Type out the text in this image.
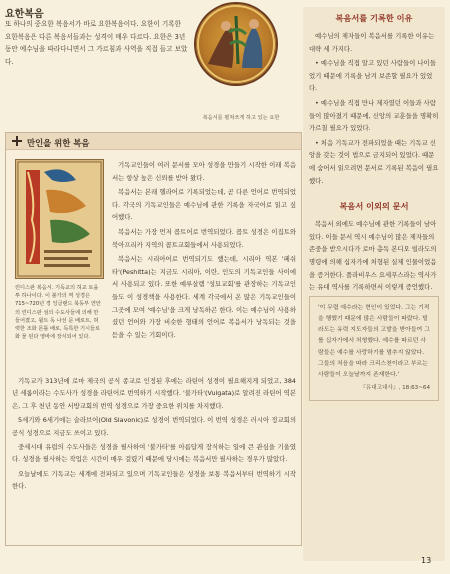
요한복음
또 하나의 중요한 복음서가 바로 요한복음이다. 요한이 기록한 요한복음은 다른 복음서들과는 성격이 매우 다르다. 요한은 3년 동안 예수님을 따라다니면서 그 가르침과 사역을 직접 들고 보았다.
복음서를 펼쳐쓰게 하고 있는 요한
만인을 위한 복음
린디스판 복음서. 기독교의 허교 토을 투 하나이다. 이 불가의 역 성경은 715~720년 경 잉글랜드 북동부 연안의 린디스판 섬의 수도사들에 의해 만들어졌고, 윌트 독 나선 문 배로트, 혀렷한 조화 몬틀 배로, 독특한 기시들로 화 물 된다 영바에 장식되어 있다.

기독교인들이 여러 문서를 모아 성경을 만들기 시작한 이래 복음서는 항상 높은 신뢰를 받아 왔다.

복음서는 본래 헬라어로 기록되었는데, 곧 다른 언어로 번역되었다. 각국의 기독교인들은 예수님에 관한 기록을 자국어로 읽고 싶어했다.

복음서는 가장 먼저 콥트어로 번역되었다. 콥트 성경은 이집트와 북아프리카 지역의 콥트교회들에서 사용되었다.

복음서는 시리아어로 번역되기도 했는데, 시리아 역본 '페쉬타'(Peshitta)는 지금도 시리아, 이란, 인도의 기독교인들 사이에서 사용되고 있다. 또한 예루살렘 '성묘교회'를 관장하는 기독교인들도 이 성경책을 사용한다. 세계 각국에서 온 많은 기독교인들이 그곳에 모여 '예수님'을 크게 낭독하곤 한다. 이는 예수님이 사용하셨던 언어와 가장 비슷한 형태의 언어로 복음서가 낭독되는 것을 듣을 수 있는 기회이다.

기독교가 313년에 로마 제국의 공식 종교로 인정된 후에는 라틴어 성경이 필요해지게 되었고, 384년 세롬이라는 수도사가 성경을 라틴어로 번역하기 시작했다. '불가타'(Vulgata)로 알려진 라틴어 역본은, 그 후 천년 동안 서방교회의 번역 성경으로 가장 중요한 위치를 차지했다.

5세기와 6세기에는 슬라브어(Old Slavonic)로 성경이 번역되었다. 이 번역 성경은 러시아 정교회의 공식 성경으로 지금도 쓰이고 있다.

중세시대 유럽의 수도사들은 성경을 필사하여 '불가타'를 아름답게 장식하는 일에 큰 관심을 기울였다. 성경을 필사하는 작업은 시간이 매우 걸렸기 때문에 당시에는 복음서만 필사하는 경우가 많았다.

오늘날에도 기독교는 세계에 전파되고 있으며 기독교인들은 성경을 보통 복음서부터 번역하기 시작한다.

복음서를 기록한 이유

예수님의 제자들이 복음서를 기록한 이유는 대략 세 가지다.

• 예수님을 직접 알고 있던 사람들이 나이들었기 때문에 기록을 남겨 보존할 필요가 있었다.

• 예수님을 직접 만나 제자였던 이들과 사람들이 많아졌기 때문에, 신앙의 교훈들을 명확히 가르칠 필요가 있었다.

• 처음 기독교가 전파되었을 때는 기독교 신앙을 갖는 것이 법으로 금지되어 있었다. 때문에 숨어서 읽으려면 문서로 기록된 복음이 필요했다.

복음서 이외의 문서

복음서 외에도 예수님에 관한 기록들이 남아 있다. 이들 문서 역시 예수님이 많은 제자들의 존중을 받으시다가 로마 총독 본디오 빌라도의 명령에 의해 십자가에 처형된 실제 인물이었음을 증거한다. 플라비우스 요세푸스라는 역사가는 유대 역사를 기록하면서 이렇게 증언했다.

'이 무렵 예수라는 현인이 있었다. 그는 기적을 행했기 때문에 많은 사람들이 따랐다. 빌라도는 유력 지도자들의 고발을 받아들여 그를 십자가에서 처형했다. 예수를 따르던 사람들은 예수를 사랑하기를 멈추지 않았다. 그들의 처음을 따라 크리스천이라고 부르는 사람들이 오늘날까지 존재한다.'
『유대고대사』, 18:63~64
13
